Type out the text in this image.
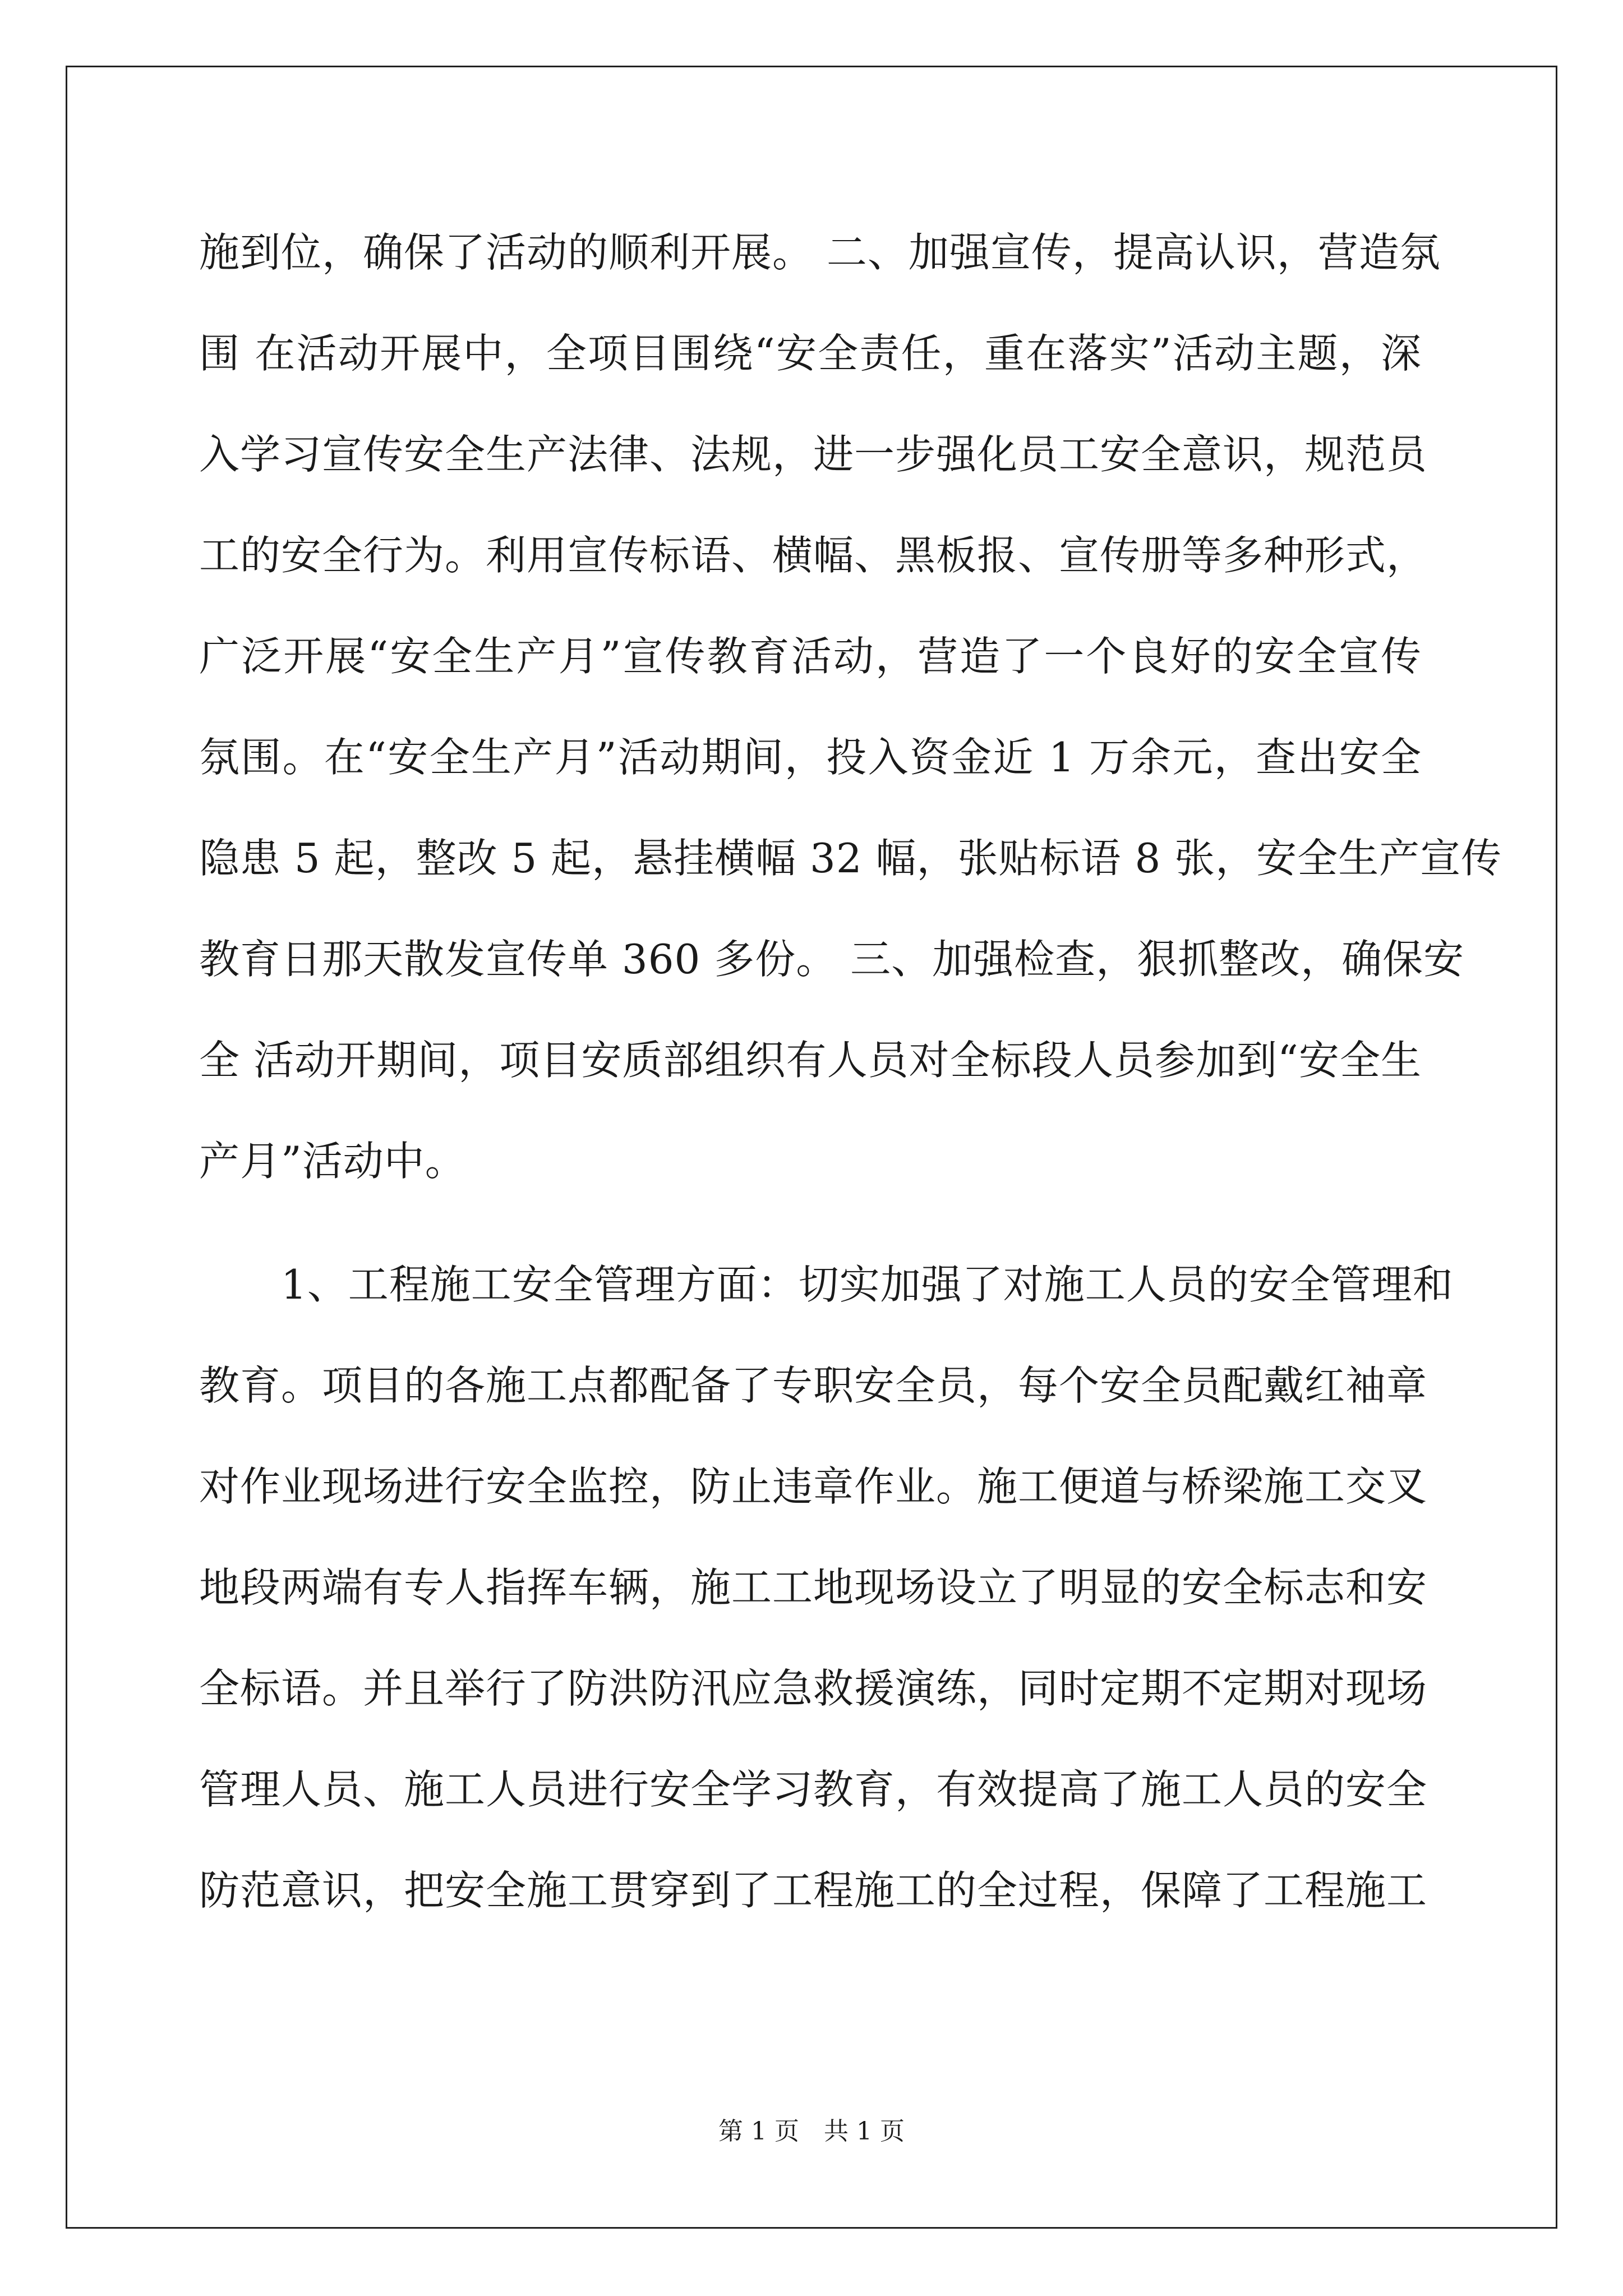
施到位，确保了活动的顺利开展。 二、加强宣传，提高认识，营造氛
围 在活动开展中，全项目围绕“安全责任，重在落实”活动主题，深
入学习宣传安全生产法律、法规，进一步强化员工安全意识，规范员
工的安全行为。利用宣传标语、横幅、黑板报、宣传册等多种形式，
广泛开展“安全生产月”宣传教育活动，营造了一个良好的安全宣传
氛围。在“安全生产月”活动期间，投入资金近 1 万余元，查出安全
隐患 5 起，整改 5 起，悬挂横幅 32 幅，张贴标语 8 张，安全生产宣传
教育日那天散发宣传单 360 多份。 三、加强检查，狠抓整改，确保安
全 活动开期间，项目安质部组织有人员对全标段人员参加到“安全生
产月”活动中。
　　1、工程施工安全管理方面：切实加强了对施工人员的安全管理和
教育。项目的各施工点都配备了专职安全员，每个安全员配戴红袖章
对作业现场进行安全监控，防止违章作业。施工便道与桥梁施工交叉
地段两端有专人指挥车辆，施工工地现场设立了明显的安全标志和安
全标语。并且举行了防洪防汛应急救援演练，同时定期不定期对现场
管理人员、施工人员进行安全学习教育，有效提高了施工人员的安全
防范意识，把安全施工贯穿到了工程施工的全过程，保障了工程施工
第 1 页　共 1 页
